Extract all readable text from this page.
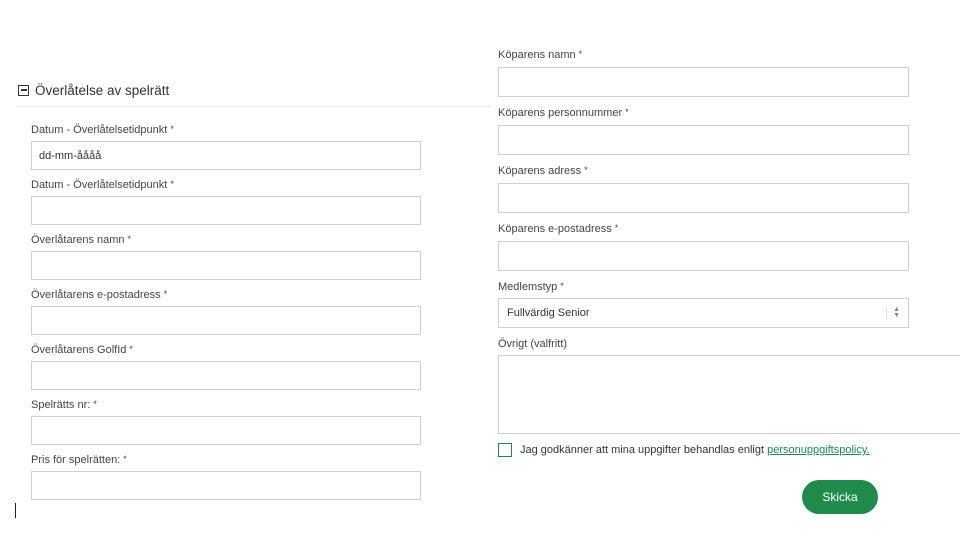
Överlåtelse av spelrätt
Datum - Överlåtelsetidpunkt *
dd-mm-åååå
Datum - Överlåtelsetidpunkt *
Överlåtarens namn *
Överlåtarens e-postadress *
Överlåtarens GolfId *
Spelrätts nr: *
Pris för spelrätten: *
Köparens namn *
Köparens personnummer *
Köparens adress *
Köparens e-postadress *
Medlemstyp *
Fullvärdig Senior	▲
▼
Övrigt (valfritt)
Jag godkänner att mina uppgifter behandlas enligt personuppgiftspolicy.
Skicka
